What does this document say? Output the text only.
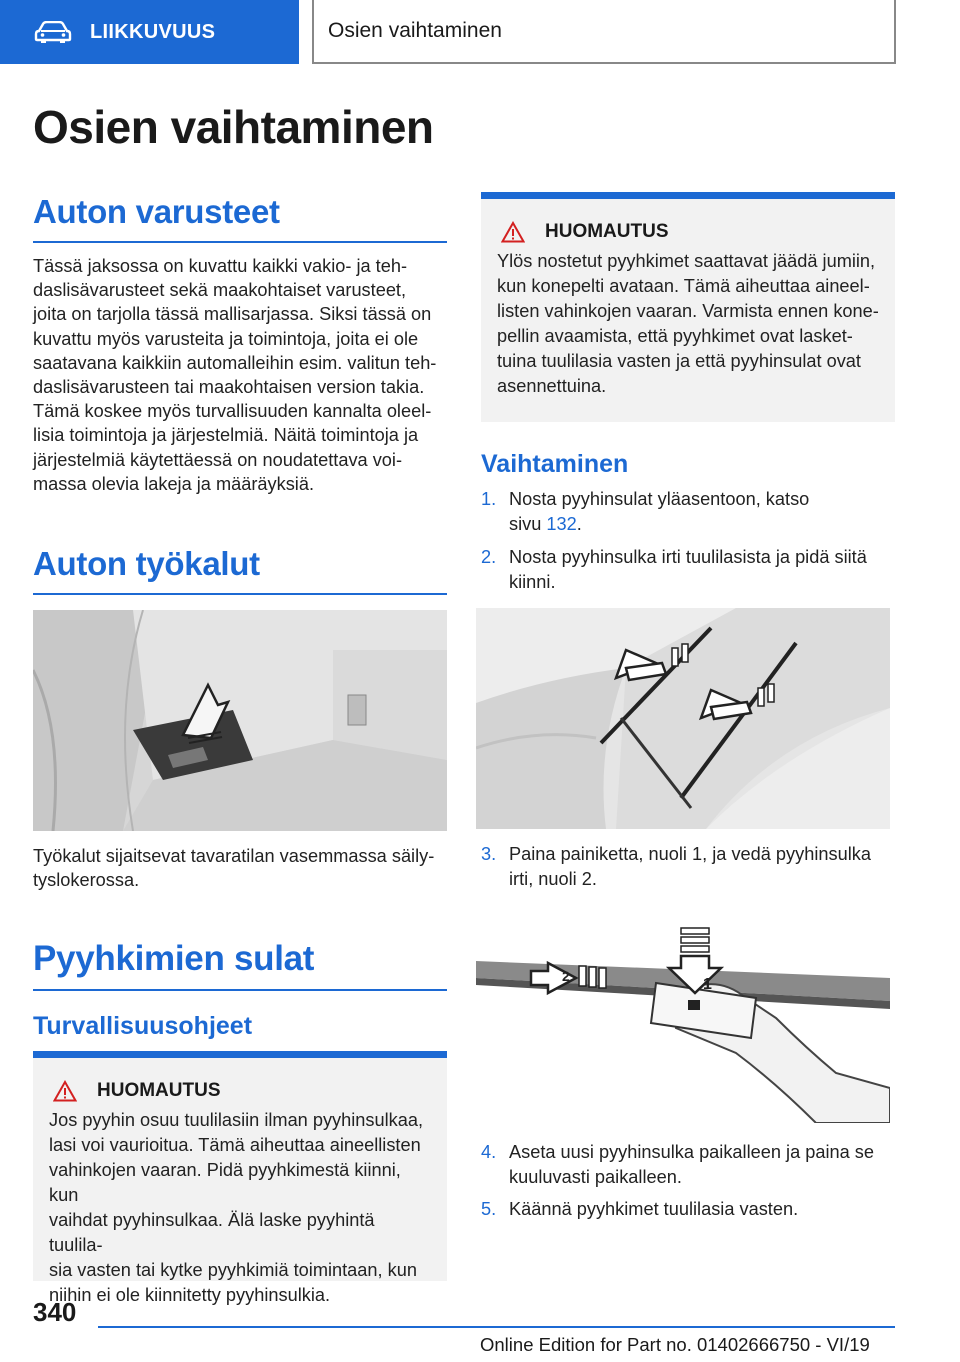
LIIKKUVUUS	Osien vaihtaminen
Osien vaihtaminen
Auton varusteet
Tässä jaksossa on kuvattu kaikki vakio- ja teh-
daslisävarusteet sekä maakohtaiset varusteet,
joita on tarjolla tässä mallisarjassa. Siksi tässä on
kuvattu myös varusteita ja toimintoja, joita ei ole
saatavana kaikkiin automalleihin esim. valitun teh-
daslisävarusteen tai maakohtaisen version takia.
Tämä koskee myös turvallisuuden kannalta oleel-
lisia toimintoja ja järjestelmiä. Näitä toimintoja ja
järjestelmiä käytettäessä on noudatettava voi-
massa olevia lakeja ja määräyksiä.
Auton työkalut
Työkalut sijaitsevat tavaratilan vasemmassa säily-
tyslokerossa.
Pyyhkimien sulat
Turvallisuusohjeet
HUOMAUTUS
Jos pyyhin osuu tuulilasiin ilman pyyhinsulkaa,
lasi voi vaurioitua. Tämä aiheuttaa aineellisten
vahinkojen vaaran. Pidä pyyhkimestä kiinni, kun
vaihdat pyyhinsulkaa. Älä laske pyyhintä tuulila-
sia vasten tai kytke pyyhkimiä toimintaan, kun
niihin ei ole kiinnitetty pyyhinsulkia.
HUOMAUTUS
Ylös nostetut pyyhkimet saattavat jäädä jumiin,
kun konepelti avataan. Tämä aiheuttaa aineel-
listen vahinkojen vaaran. Varmista ennen kone-
pellin avaamista, että pyyhkimet ovat lasket-
tuina tuulilasia vasten ja että pyyhinsulat ovat
asennettuina.
Vaihtaminen
1. Nosta pyyhinsulat yläasentoon, katso
sivu 132.
2. Nosta pyyhinsulka irti tuulilasista ja pidä siitä
kiinni.
3. Paina painiketta, nuoli 1, ja vedä pyyhinsulka
irti, nuoli 2.
1
2
4. Aseta uusi pyyhinsulka paikalleen ja paina se
kuuluvasti paikalleen.
5. Käännä pyyhkimet tuulilasia vasten.
340
Online Edition for Part no. 01402666750 - VI/19
